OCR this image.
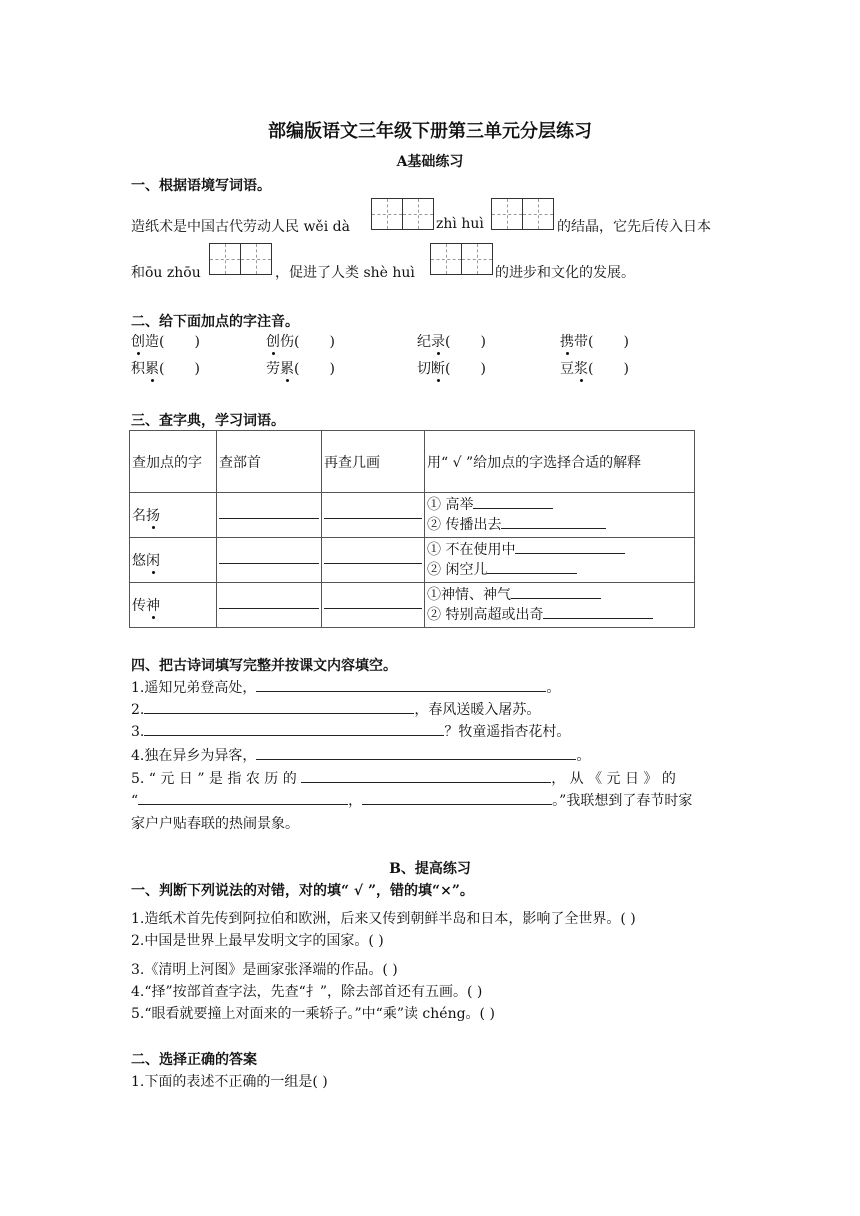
部编版语文三年级下册第三单元分层练习
A基础练习
一、根据语境写词语。
造纸术是中国古代劳动人民 wěi dà	zhì huì	的结晶，它先后传入日本
和ōu zhōu	，促进了人类 shè huì	的进步和文化的发展。
二、给下面加点的字注音。
创造( )	创伤( )	纪录( )	携带( )
积累( )	劳累( )	切断( )	豆浆( )
三、查字典，学习词语。
查加点的字	查部首	再查几画	用“ √ ”给加点的字选择合适的解释
名扬			① 高举
② 传播出去

悠闲			① 不在使用中
② 闲空儿

传神			①神情、神气
② 特别高超或出奇
四、把古诗词填写完整并按课文内容填空。
1.遥知兄弟登高处，	。
2.	，春风送暖入屠苏。
3.	？牧童遥指杏花村。
4.独在异乡为异客，	。
5. “ 元 日 ” 是 指 农 历 的	， 从 《 元 日 》 的
“	，	。”我联想到了春节时家
家户户贴春联的热闹景象。
B、提高练习
一、判断下列说法的对错，对的填“ √ ”，错的填“×”。
1.造纸术首先传到阿拉伯和欧洲，后来又传到朝鲜半岛和日本，影响了全世界。( )
2.中国是世界上最早发明文字的国家。( )
3.《清明上河图》是画家张泽端的作品。( )
4.“择”按部首查字法，先查“扌”，除去部首还有五画。( )
5.“眼看就要撞上对面来的一乘轿子。”中“乘”读 chéng。( )
二、选择正确的答案
1.下面的表述不正确的一组是( )
